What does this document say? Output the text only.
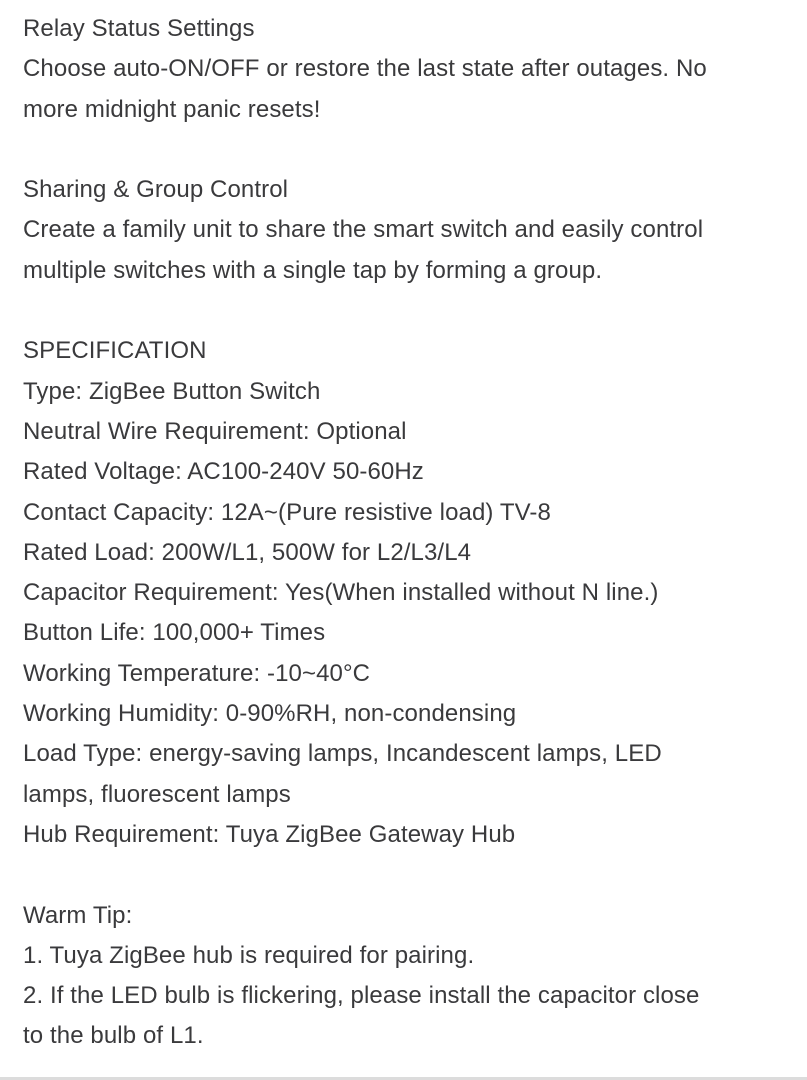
Relay Status Settings
Choose auto-ON/OFF or restore the last state after outages. No
more midnight panic resets!
Sharing & Group Control
Create a family unit to share the smart switch and easily control
multiple switches with a single tap by forming a group.
SPECIFICATION
Type: ZigBee Button Switch
Neutral Wire Requirement: Optional
Rated Voltage: AC100-240V 50-60Hz
Contact Capacity: 12A~(Pure resistive load) TV-8
Rated Load: 200W/L1, 500W for L2/L3/L4
Capacitor Requirement: Yes(When installed without N line.)
Button Life: 100,000+ Times
Working Temperature: -10~40°C
Working Humidity: 0-90%RH, non-condensing
Load Type: energy-saving lamps, Incandescent lamps, LED
lamps, fluorescent lamps
Hub Requirement: Tuya ZigBee Gateway Hub
Warm Tip:
1. Tuya ZigBee hub is required for pairing.
2. If the LED bulb is flickering, please install the capacitor close
to the bulb of L1.
